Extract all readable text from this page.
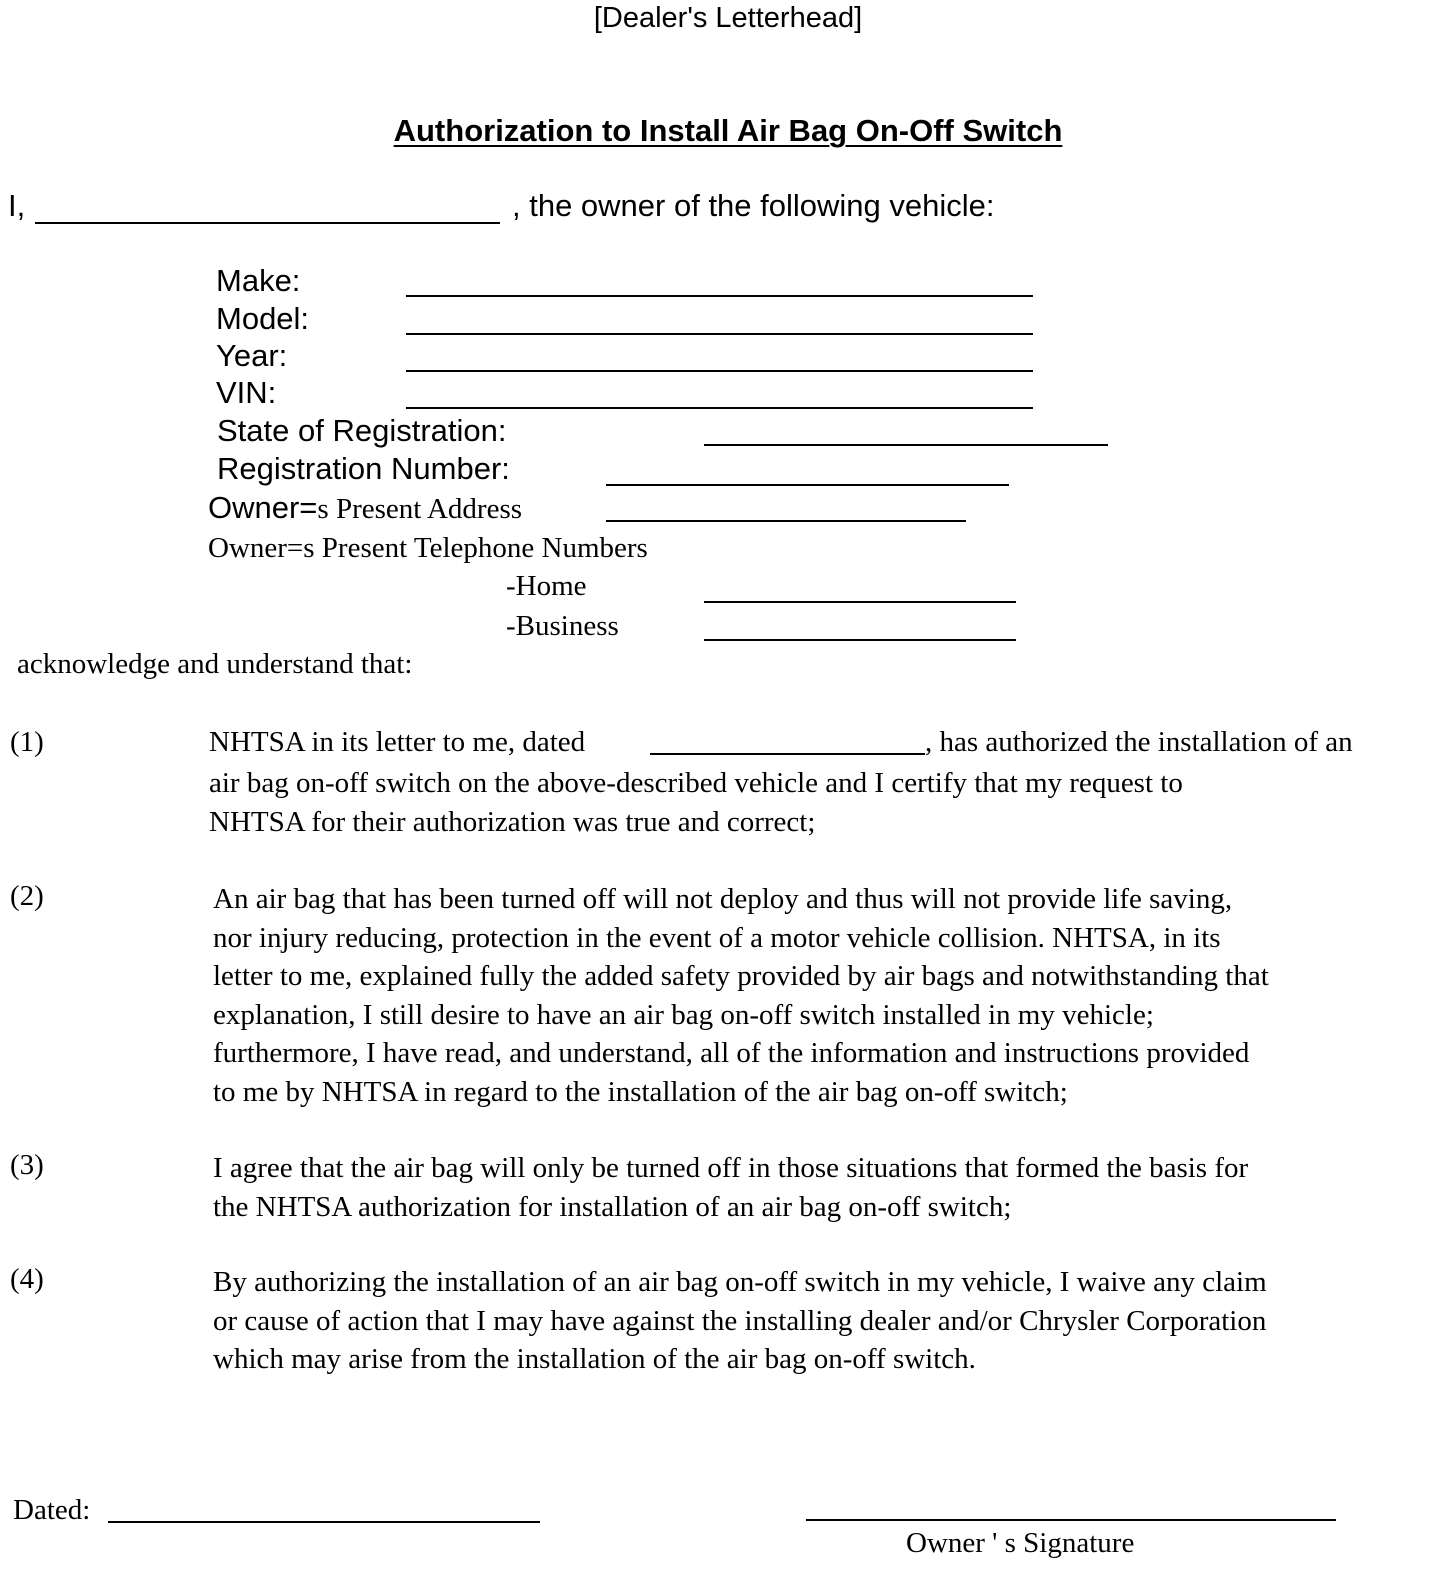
[Dealer's Letterhead]
Authorization to Install Air Bag On-Off Switch
I,	, the owner of the following vehicle:
Make:
Model:
Year:
VIN:
State of Registration:
Registration Number:
Owner=s Present Address
Owner=s Present Telephone Numbers
-Home
-Business
acknowledge and understand that:
(1)	NHTSA in its letter to me, dated	, has authorized the installation of an

air bag on-off switch on the above-described vehicle and I certify that my request to

NHTSA for their authorization was true and correct;

(2)	An air bag that has been turned off will not deploy and thus will not provide life saving,

nor injury reducing, protection in the event of a motor vehicle collision. NHTSA, in its

letter to me, explained fully the added safety provided by air bags and notwithstanding that

explanation, I still desire to have an air bag on-off switch installed in my vehicle;

furthermore, I have read, and understand, all of the information and instructions provided

to me by NHTSA in regard to the installation of the air bag on-off switch;

(3)	I agree that the air bag will only be turned off in those situations that formed the basis for

the NHTSA authorization for installation of an air bag on-off switch;

(4)	By authorizing the installation of an air bag on-off switch in my vehicle, I waive any claim

or cause of action that I may have against the installing dealer and/or Chrysler Corporation

which may arise from the installation of the air bag on-off switch.

Dated:
Owner ' s Signature
